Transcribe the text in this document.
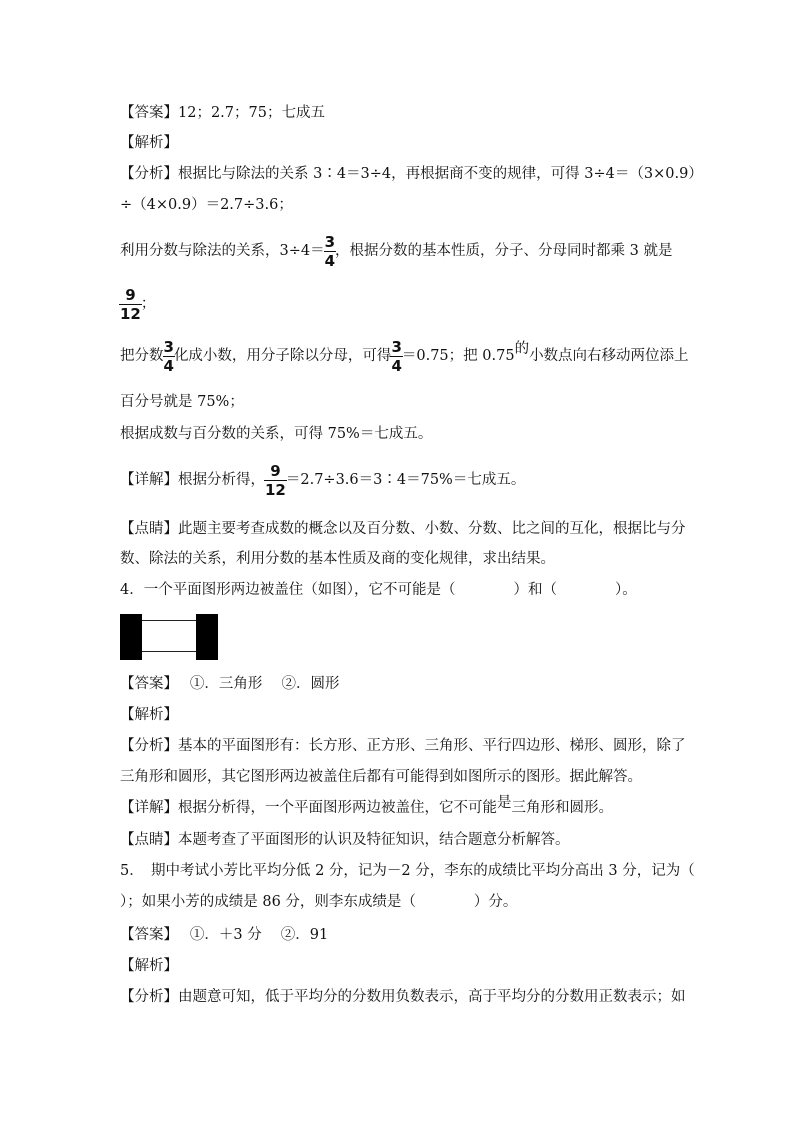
【答案】12；2.7；75；七成五
【解析】
【分析】根据比与除法的关系 3∶4＝3÷4，再根据商不变的规律，可得 3÷4＝（3×0.9）
÷（4×0.9）＝2.7÷3.6；
利用分数与除法的关系，$3\div 4= \frac{3}{4}$ ，根据分数的基本性质，分子、分母同时都乘 3 就是
$\frac{9}{12}$ ；
把分数 $\frac{3}{4}$ 化成小数，用分子除以分母，可得 $\frac{3}{4} =0.75$；把 0.75的小数点向右移动两位添上
百分号就是 75%；
根据成数与百分数的关系，可得 75%＝七成五。
【详解】根据分析得， $\frac{9}{12}$ ＝2.7÷3.6＝3∶4＝75%＝七成五。
【点睛】此题主要考查成数的概念以及百分数、小数、分数、比之间的互化，根据比与分
数、除法的关系，利用分数的基本性质及商的变化规律，求出结果。
4．一个平面图形两边被盖住（如图），它不可能是（　　　　）和（　　　　）。
【答案】　 ①．三角形　 ②．圆形
【解析】
【分析】基本的平面图形有：长方形、正方形、三角形、平行四边形、梯形、圆形，除了
三角形和圆形，其它图形两边被盖住后都有可能得到如图所示的图形。据此解答。
【详解】根据分析得，一个平面图形两边被盖住，它不可能是三角形和圆形。
【点睛】本题考查了平面图形的认识及特征知识，结合题意分析解答。
5．　期中考试小芳比平均分低 2 分，记为－2 分，李东的成绩比平均分高出 3 分，记为（
）；如果小芳的成绩是 86 分，则李东成绩是（　　　　）分。
【答案】　 ①．＋3 分　 ②．91
【解析】
【分析】由题意可知，低于平均分的分数用负数表示，高于平均分的分数用正数表示；如
